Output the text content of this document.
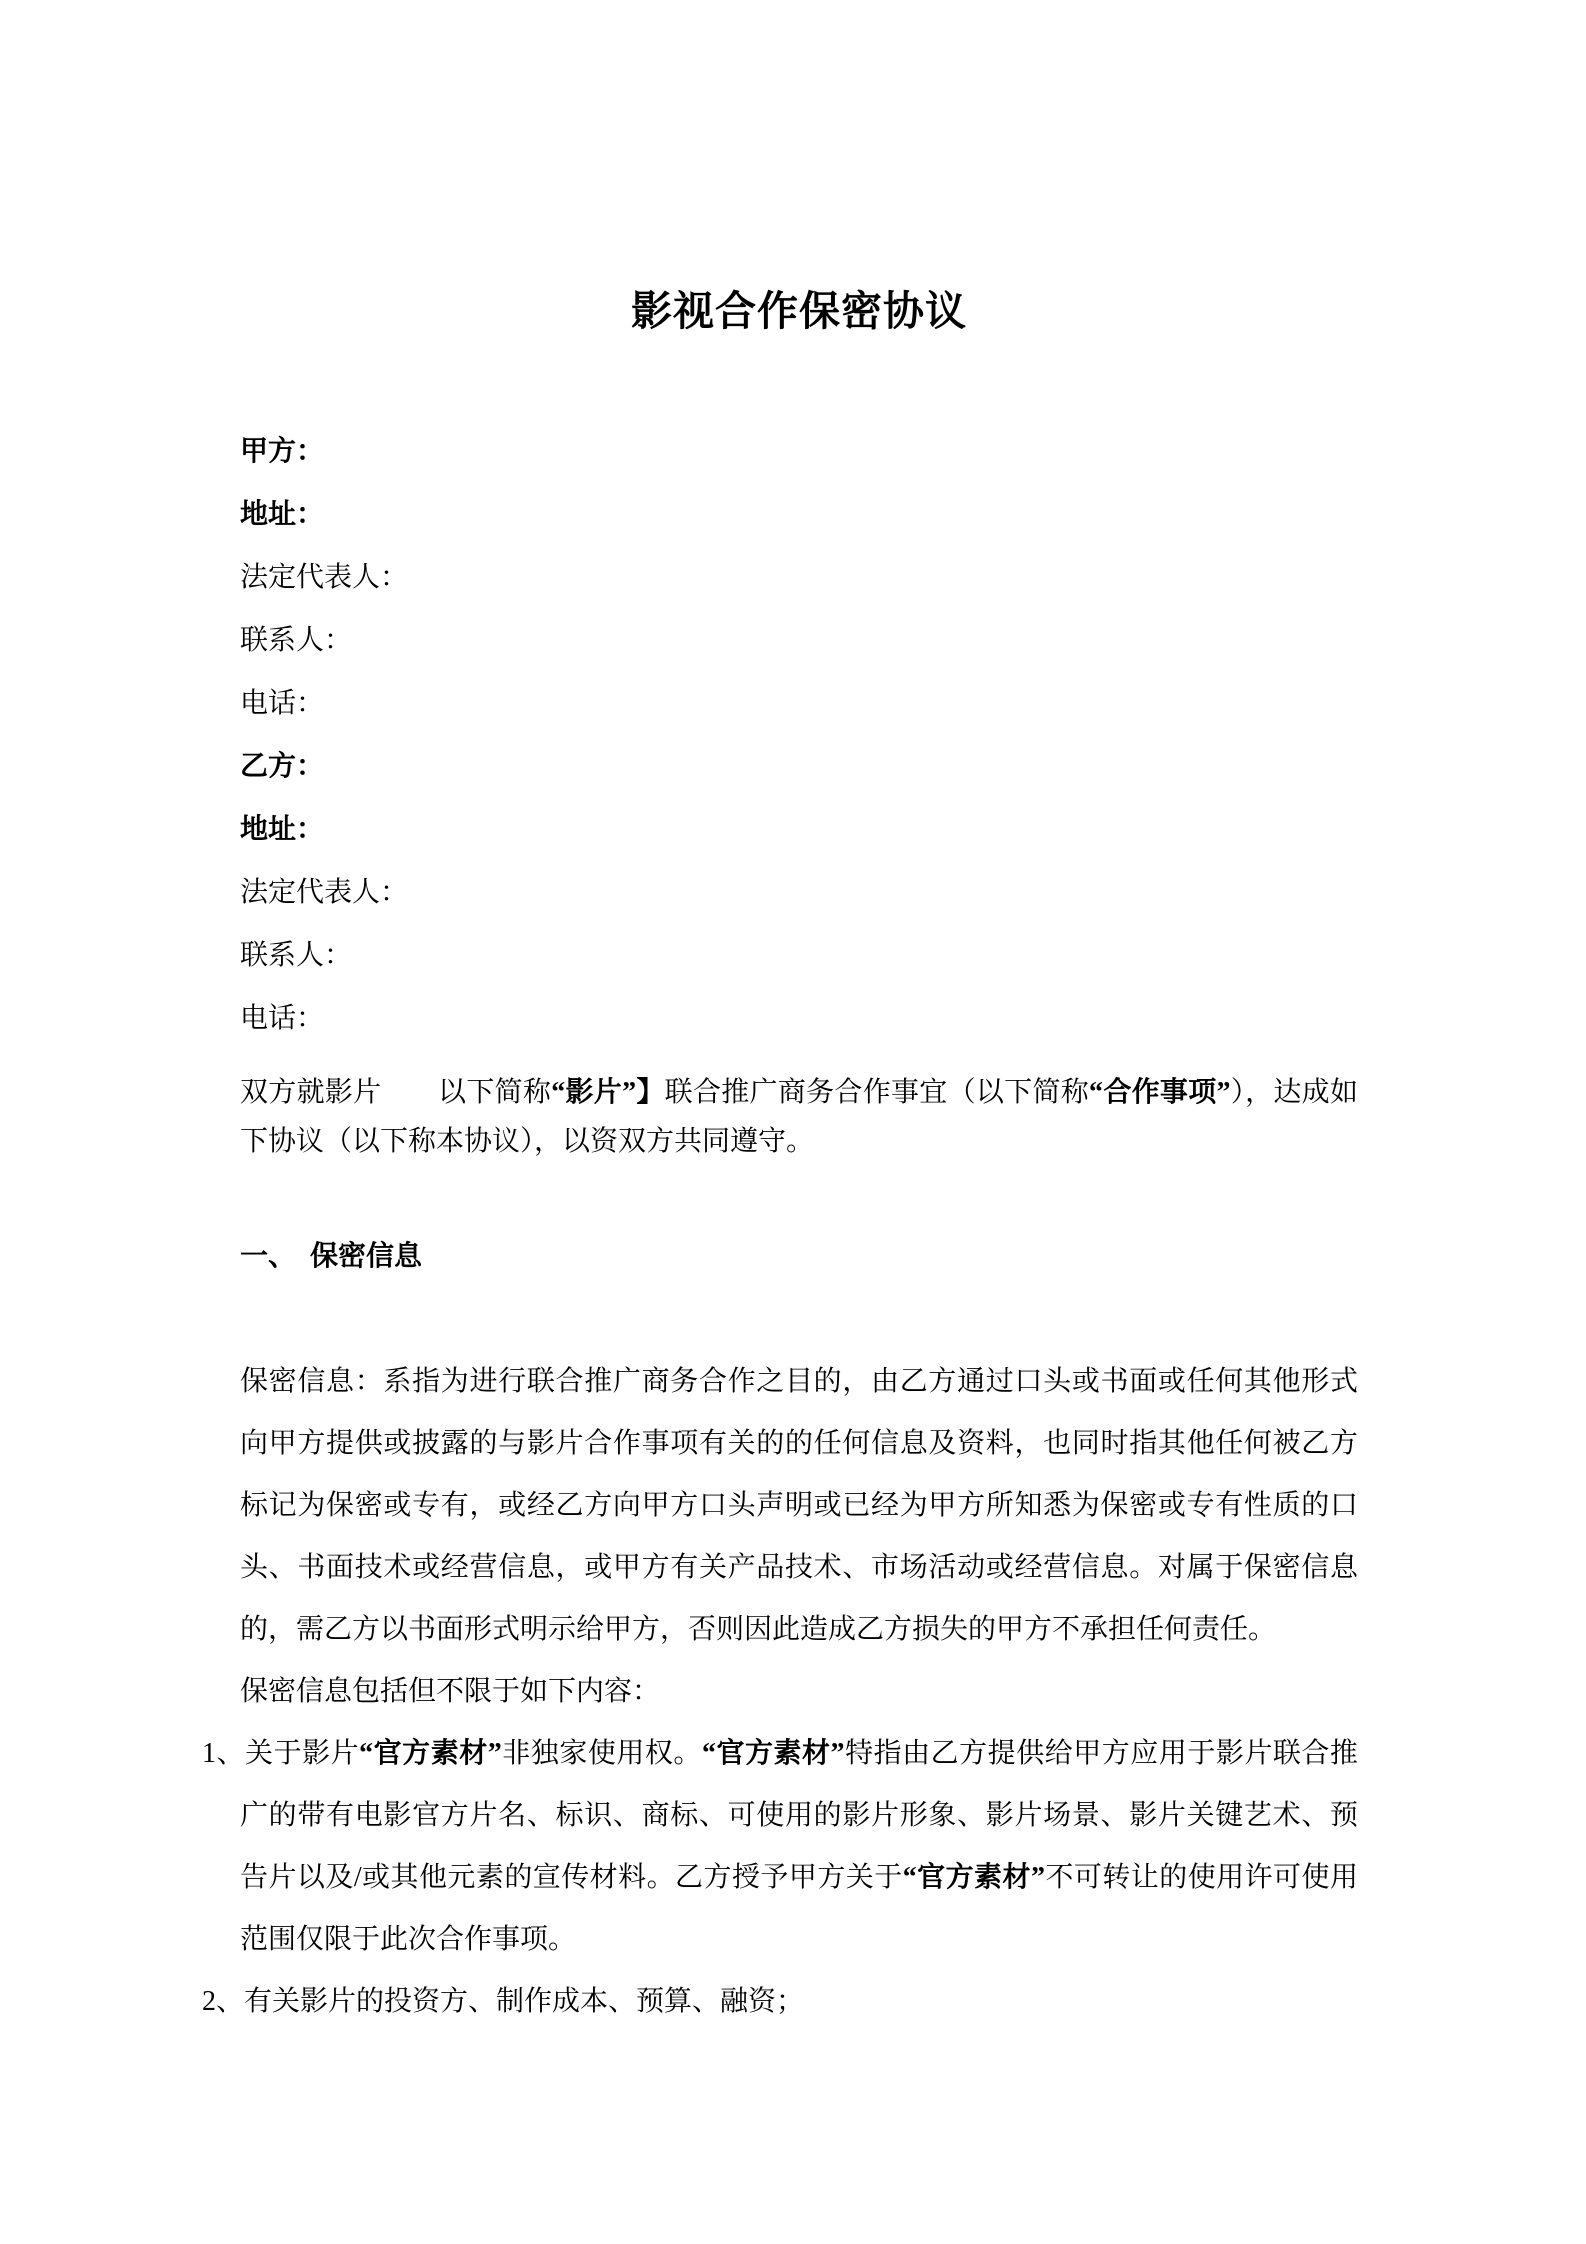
影视合作保密协议
甲方：
地址：
法定代表人：
联系人：
电话：
乙方：
地址：
法定代表人：
联系人：
电话：
双方就影片　　以下简称“影片”】联合推广商务合作事宜（以下简称“合作事项”），达成如下协议（以下称本协议），以资双方共同遵守。
一、 保密信息

保密信息：系指为进行联合推广商务合作之目的，由乙方通过口头或书面或任何其他形式向甲方提供或披露的与影片合作事项有关的的任何信息及资料，也同时指其他任何被乙方标记为保密或专有，或经乙方向甲方口头声明或已经为甲方所知悉为保密或专有性质的口头、书面技术或经营信息，或甲方有关产品技术、市场活动或经营信息。对属于保密信息的，需乙方以书面形式明示给甲方，否则因此造成乙方损失的甲方不承担任何责任。

保密信息包括但不限于如下内容：

1、关于影片“官方素材”非独家使用权。“官方素材”特指由乙方提供给甲方应用于影片联合推广的带有电影官方片名、标识、商标、可使用的影片形象、影片场景、影片关键艺术、预告片以及/或其他元素的宣传材料。乙方授予甲方关于“官方素材”不可转让的使用许可使用范围仅限于此次合作事项。

2、有关影片的投资方、制作成本、预算、融资；
